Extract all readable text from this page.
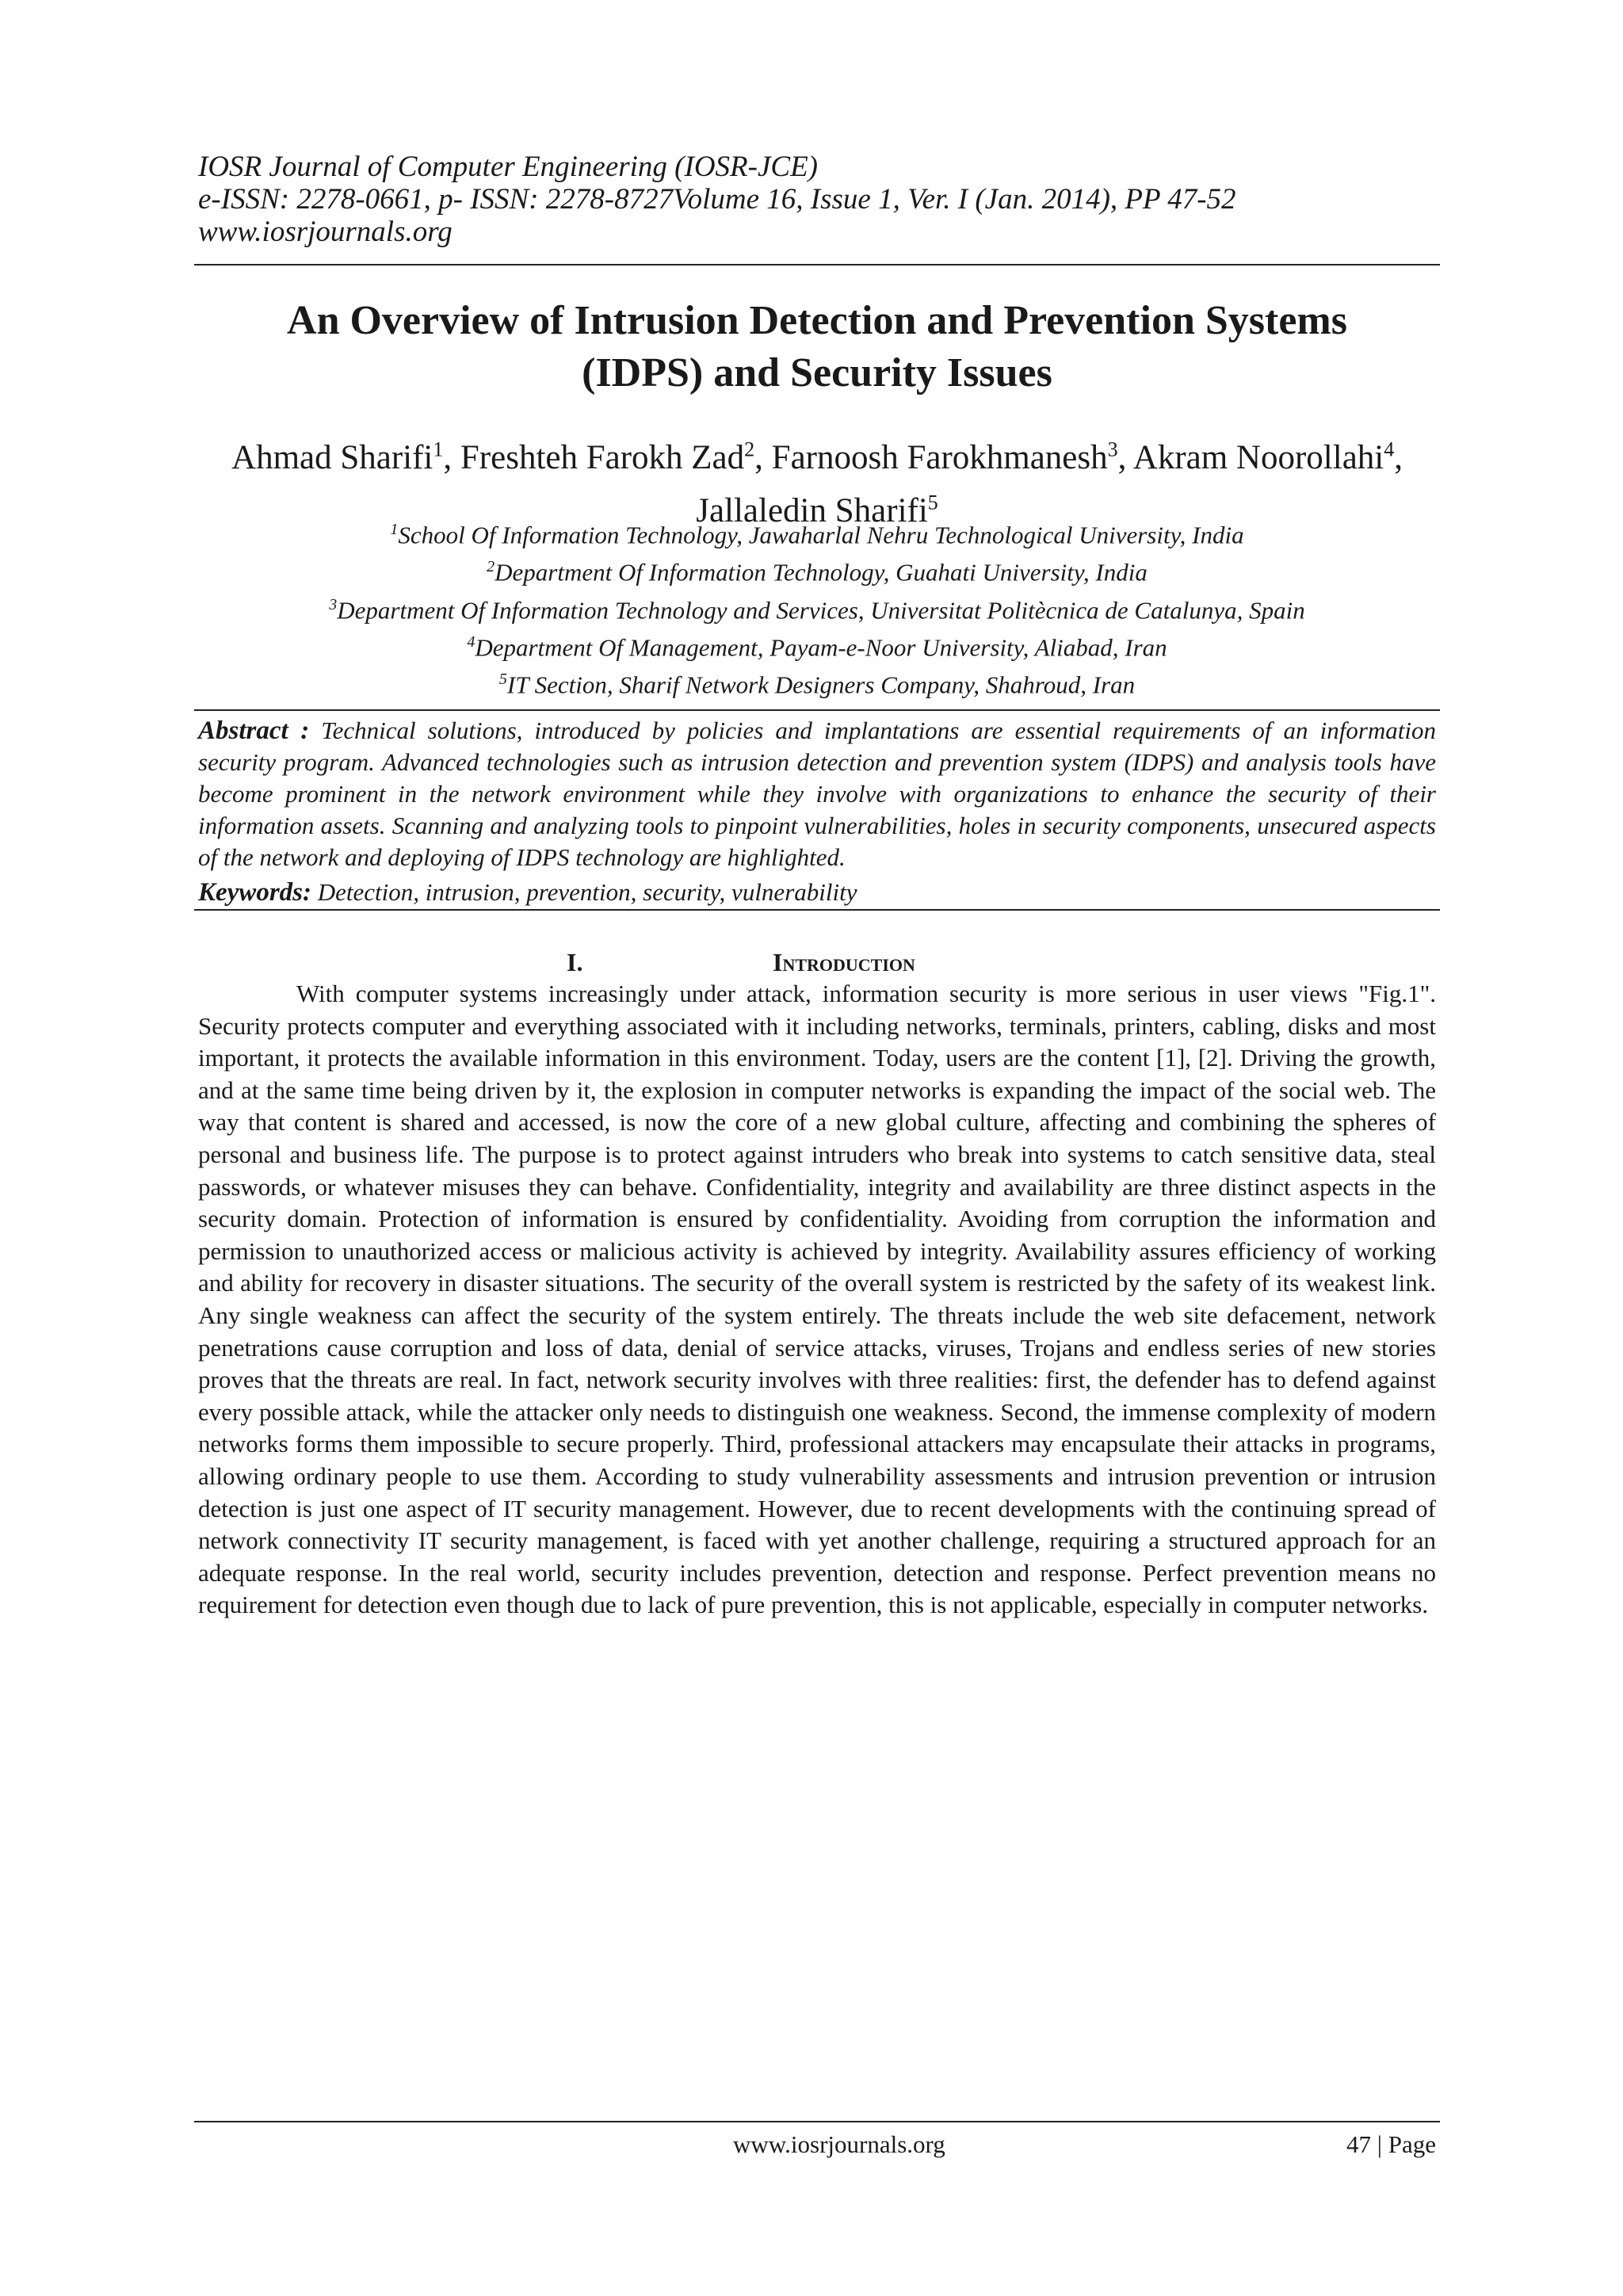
IOSR Journal of Computer Engineering (IOSR-JCE)
e-ISSN: 2278-0661, p- ISSN: 2278-8727Volume 16, Issue 1, Ver. I (Jan. 2014), PP 47-52
www.iosrjournals.org
An Overview of Intrusion Detection and Prevention Systems
(IDPS) and Security Issues
Ahmad Sharifi$^1$, Freshteh Farokh Zad$^2$, Farnoosh Farokhmanesh$^3$, Akram Noorollahi$^4$, Jallaledin Sharifi$^5$
$^1$School Of Information Technology, Jawaharlal Nehru Technological University, India
$^2$Department Of Information Technology, Guahati University, India
$^3$Department Of Information Technology and Services, Universitat Politècnica de Catalunya, Spain
$^4$Department Of Management, Payam-e-Noor University, Aliabad, Iran
$^5$IT Section, Sharif Network Designers Company, Shahroud, Iran
Abstract : Technical solutions, introduced by policies and implantations are essential requirements of an information security program. Advanced technologies such as intrusion detection and prevention system (IDPS) and analysis tools have become prominent in the network environment while they involve with organizations to enhance the security of their information assets. Scanning and analyzing tools to pinpoint vulnerabilities, holes in security components, unsecured aspects of the network and deploying of IDPS technology are highlighted.
Keywords: Detection, intrusion, prevention, security, vulnerability
I.	Introduction

With computer systems increasingly under attack, information security is more serious in user views "Fig.1". Security protects computer and everything associated with it including networks, terminals, printers, cabling, disks and most important, it protects the available information in this environment. Today, users are the content [1], [2]. Driving the growth, and at the same time being driven by it, the explosion in computer networks is expanding the impact of the social web. The way that content is shared and accessed, is now the core of a new global culture, affecting and combining the spheres of personal and business life. The purpose is to protect against intruders who break into systems to catch sensitive data, steal passwords, or whatever misuses they can behave. Confidentiality, integrity and availability are three distinct aspects in the security domain. Protection of information is ensured by confidentiality. Avoiding from corruption the information and permission to unauthorized access or malicious activity is achieved by integrity. Availability assures efficiency of working and ability for recovery in disaster situations. The security of the overall system is restricted by the safety of its weakest link. Any single weakness can affect the security of the system entirely. The threats include the web site defacement, network penetrations cause corruption and loss of data, denial of service attacks, viruses, Trojans and endless series of new stories proves that the threats are real. In fact, network security involves with three realities: first, the defender has to defend against every possible attack, while the attacker only needs to distinguish one weakness. Second, the immense complexity of modern networks forms them impossible to secure properly. Third, professional attackers may encapsulate their attacks in programs, allowing ordinary people to use them. According to study vulnerability assessments and intrusion prevention or intrusion detection is just one aspect of IT security management. However, due to recent developments with the continuing spread of network connectivity IT security management, is faced with yet another challenge, requiring a structured approach for an adequate response. In the real world, security includes prevention, detection and response. Perfect prevention means no requirement for detection even though due to lack of pure prevention, this is not applicable, especially in computer networks.

www.iosrjournals.org	47 | Page
